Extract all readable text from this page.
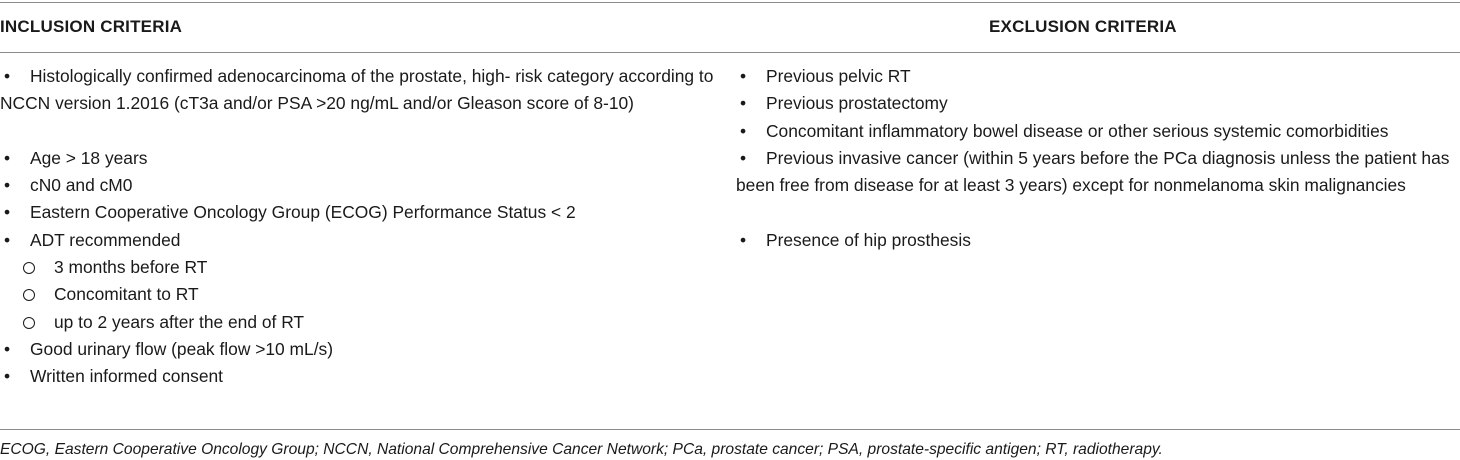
INCLUSION CRITERIA	EXCLUSION CRITERIA
• Histologically confirmed adenocarcinoma of the prostate, high- risk category according to NCCN version 1.2016 (cT3a and/or PSA >20 ng/mL and/or Gleason score of 8-10)
• Age > 18 years
• cN0 and cM0
• Eastern Cooperative Oncology Group (ECOG) Performance Status < 2
• ADT recommended
3 months before RT
Concomitant to RT
up to 2 years after the end of RT
• Good urinary flow (peak flow >10 mL/s)
• Written informed consent
• Previous pelvic RT
• Previous prostatectomy
• Concomitant inflammatory bowel disease or other serious systemic comorbidities
• Previous invasive cancer (within 5 years before the PCa diagnosis unless the patient has been free from disease for at least 3 years) except for nonmelanoma skin malignancies
• Presence of hip prosthesis
ECOG, Eastern Cooperative Oncology Group; NCCN, National Comprehensive Cancer Network; PCa, prostate cancer; PSA, prostate-specific antigen; RT, radiotherapy.
